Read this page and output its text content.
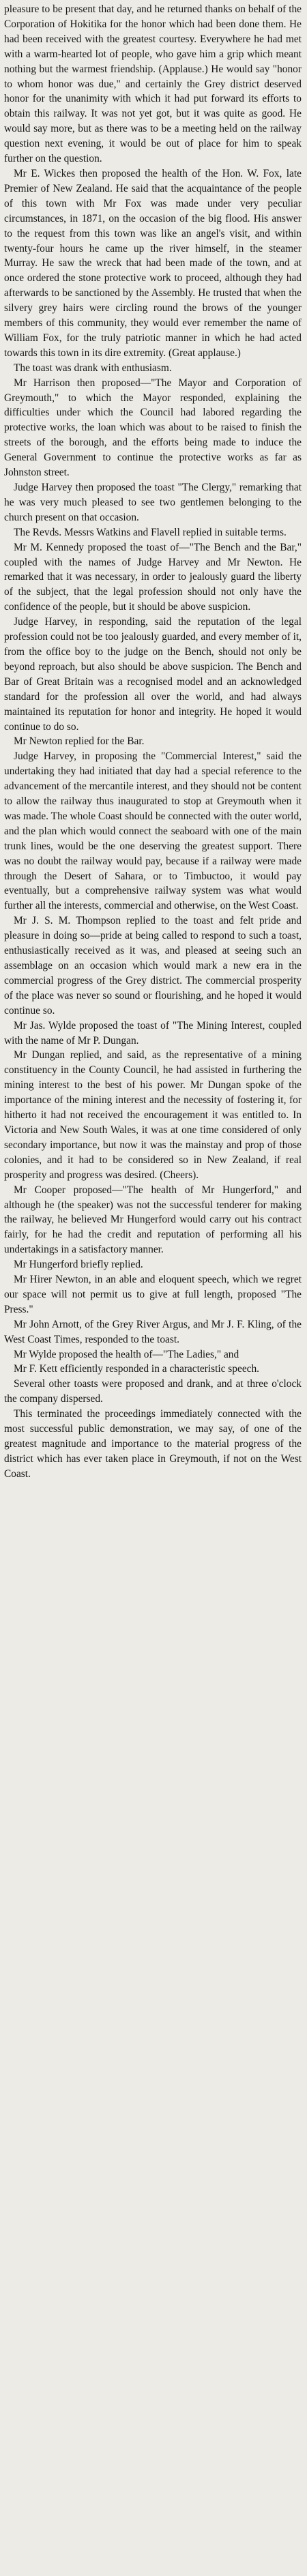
pleasure to be present that day, and he returned thanks on behalf of the Corporation of Hokitika for the honor which had been done them. He had been received with the greatest courtesy. Everywhere he had met with a warm-hearted lot of people, who gave him a grip which meant nothing but the warmest friendship. (Applause.) He would say "honor to whom honor was due," and certainly the Grey district deserved honor for the unanimity with which it had put forward its efforts to obtain this railway. It was not yet got, but it was quite as good. He would say more, but as there was to be a meeting held on the railway question next evening, it would be out of place for him to speak further on the question.

Mr E. Wickes then proposed the health of the Hon. W. Fox, late Premier of New Zealand. He said that the acquaintance of the people of this town with Mr Fox was made under very peculiar circumstances, in 1871, on the occasion of the big flood. His answer to the request from this town was like an angel's visit, and within twenty-four hours he came up the river himself, in the steamer Murray. He saw the wreck that had been made of the town, and at once ordered the stone protective work to proceed, although they had afterwards to be sanctioned by the Assembly. He trusted that when the silvery grey hairs were circling round the brows of the younger members of this community, they would ever remember the name of William Fox, for the truly patriotic manner in which he had acted towards this town in its dire extremity. (Great applause.)

The toast was drank with enthusiasm.

Mr Harrison then proposed—"The Mayor and Corporation of Greymouth," to which the Mayor responded, explaining the difficulties under which the Council had labored regarding the protective works, the loan which was about to be raised to finish the streets of the borough, and the efforts being made to induce the General Government to continue the protective works as far as Johnston street.

Judge Harvey then proposed the toast "The Clergy," remarking that he was very much pleased to see two gentlemen belonging to the church present on that occasion.

The Revds. Messrs Watkins and Flavell replied in suitable terms.

Mr M. Kennedy proposed the toast of—"The Bench and the Bar," coupled with the names of Judge Harvey and Mr Newton. He remarked that it was necessary, in order to jealously guard the liberty of the subject, that the legal profession should not only have the confidence of the people, but it should be above suspicion.

Judge Harvey, in responding, said the reputation of the legal profession could not be too jealously guarded, and every member of it, from the office boy to the judge on the Bench, should not only be beyond reproach, but also should be above suspicion. The Bench and Bar of Great Britain was a recognised model and an acknowledged standard for the profession all over the world, and had always maintained its reputation for honor and integrity. He hoped it would continue to do so.

Mr Newton replied for the Bar.

Judge Harvey, in proposing the "Commercial Interest," said the undertaking they had initiated that day had a special reference to the advancement of the mercantile interest, and they should not be content to allow the railway thus inaugurated to stop at Greymouth when it was made. The whole Coast should be connected with the outer world, and the plan which would connect the seaboard with one of the main trunk lines, would be the one deserving the greatest support. There was no doubt the railway would pay, because if a railway were made through the Desert of Sahara, or to Timbuctoo, it would pay eventually, but a comprehensive railway system was what would further all the interests, commercial and otherwise, on the West Coast.

Mr J. S. M. Thompson replied to the toast and felt pride and pleasure in doing so—pride at being called to respond to such a toast, enthusiastically received as it was, and pleased at seeing such an assemblage on an occasion which would mark a new era in the commercial progress of the Grey district. The commercial prosperity of the place was never so sound or flourishing, and he hoped it would continue so.

Mr Jas. Wylde proposed the toast of "The Mining Interest, coupled with the name of Mr P. Dungan.

Mr Dungan replied, and said, as the representative of a mining constituency in the County Council, he had assisted in furthering the mining interest to the best of his power. Mr Dungan spoke of the importance of the mining interest and the necessity of fostering it, for hitherto it had not received the encouragement it was entitled to. In Victoria and New South Wales, it was at one time considered of only secondary importance, but now it was the mainstay and prop of those colonies, and it had to be considered so in New Zealand, if real prosperity and progress was desired. (Cheers).

Mr Cooper proposed—"The health of Mr Hungerford," and although he (the speaker) was not the successful tenderer for making the railway, he believed Mr Hungerford would carry out his contract fairly, for he had the credit and reputation of performing all his undertakings in a satisfactory manner.

Mr Hungerford briefly replied.

Mr Hirer Newton, in an able and eloquent speech, which we regret our space will not permit us to give at full length, proposed "The Press."

Mr John Arnott, of the Grey River Argus, and Mr J. F. Kling, of the West Coast Times, responded to the toast.

Mr Wylde proposed the health of—"The Ladies," and

Mr F. Kett efficiently responded in a characteristic speech.

Several other toasts were proposed and drank, and at three o'clock the company dispersed.

This terminated the proceedings immediately connected with the most successful public demonstration, we may say, of one of the greatest magnitude and importance to the material progress of the district which has ever taken place in Greymouth, if not on the West Coast.
